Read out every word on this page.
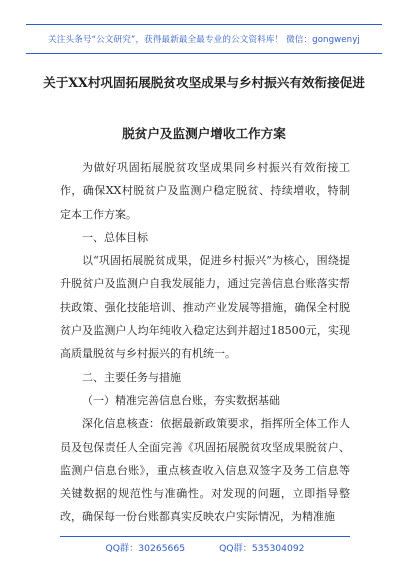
关注头条号“公文研究”，获得最新最全最专业的公文资料库！ 微信：gongwenyj
关于XX村巩固拓展脱贫攻坚成果与乡村振兴有效衔接促进
脱贫户及监测户增收工作方案

为做好巩固拓展脱贫攻坚成果同乡村振兴有效衔接工作，确保XX村脱贫户及监测户稳定脱贫、持续增收，特制定本工作方案。

一、总体目标

以“巩固拓展脱贫成果，促进乡村振兴”为核心，围绕提升脱贫户及监测户自我发展能力，通过完善信息台账落实帮扶政策、强化技能培训、推动产业发展等措施，确保全村脱贫户及监测户人均年纯收入稳定达到并超过18500元，实现高质量脱贫与乡村振兴的有机统一。

二、主要任务与措施

（一）精准完善信息台账，夯实数据基础

深化信息核查：依据最新政策要求，指挥所全体工作人员及包保责任人全面完善《巩固拓展脱贫攻坚成果脱贫户、监测户信息台账》，重点核查收入信息双签字及务工信息等关键数据的规范性与准确性。对发现的问题，立即指导整改，确保每一份台账都真实反映农户实际情况，为精准施

QQ群：30265665	QQ群：535304092
